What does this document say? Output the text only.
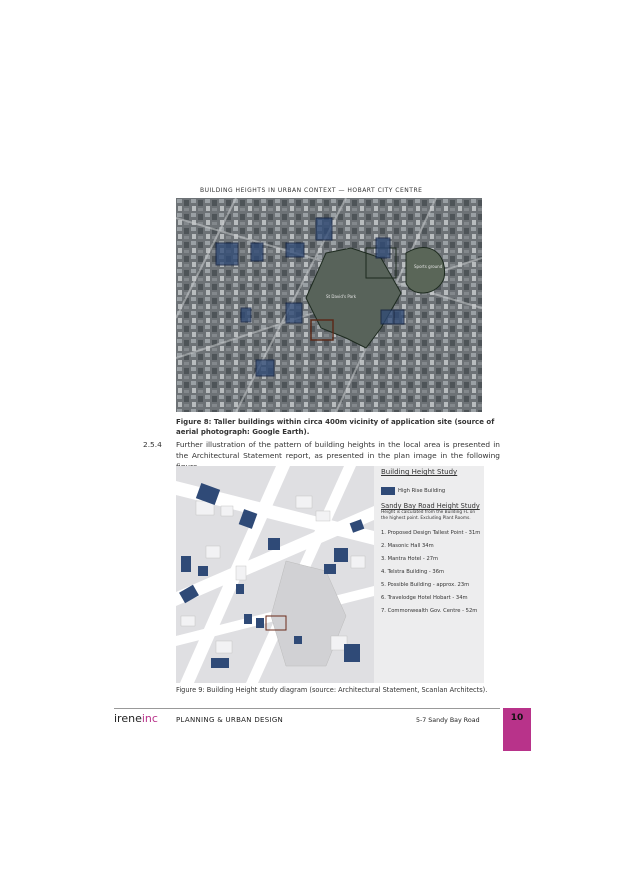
BUILDING HEIGHTS IN URBAN CONTEXT — HOBART CITY CENTRE
St David's Park
Sports ground
Figure 8: Taller buildings within circa 400m vicinity of application site (source of aerial photograph: Google Earth).
2.5.4 Further illustration of the pattern of building heights in the local area is presented in the Architectural Statement report, as presented in the plan image in the following
Building Height Study
High Rise Building
Sandy Bay Road Height Study
Height is calculated from the Building FL on the highest point. Excluding Plant Rooms.
1. Proposed Design Tallest Point - 31m
2. Masonic Hall 34m
3. Mantra Hotel - 27m
4. Telstra Building - 36m
5. Possible Building - approx. 23m
6. Travelodge Hotel Hobart - 34m
7. Commonwealth Gov. Centre - 52m
Figure 9: Building Height study diagram (source: Architectural Statement, Scanlan Architects).
ireneinc	PLANNING & URBAN DESIGN	5-7 Sandy Bay Road	10
